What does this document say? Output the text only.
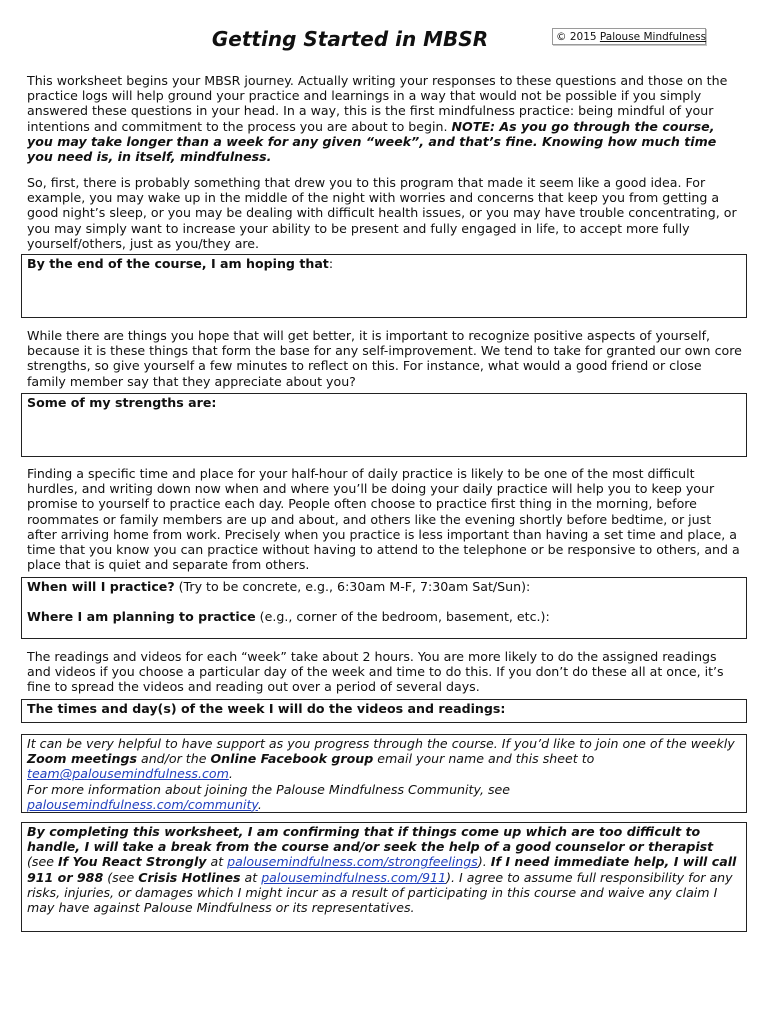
Getting Started in MBSR	© 2015 Palouse Mindfulness

This worksheet begins your MBSR journey. Actually writing your responses to these questions and those on the practice logs will help ground your practice and learnings in a way that would not be possible if you simply answered these questions in your head. In a way, this is the first mindfulness practice: being mindful of your intentions and commitment to the process you are about to begin. NOTE: As you go through the course, you may take longer than a week for any given “week”, and that’s fine. Knowing how much time you need is, in itself, mindfulness.

So, first, there is probably something that drew you to this program that made it seem like a good idea. For example, you may wake up in the middle of the night with worries and concerns that keep you from getting a good night’s sleep, or you may be dealing with difficult health issues, or you may have trouble concentrating, or you may simply want to increase your ability to be present and fully engaged in life, to accept more fully yourself/others, just as you/they are.

By the end of the course, I am hoping that:

While there are things you hope that will get better, it is important to recognize positive aspects of yourself, because it is these things that form the base for any self-improvement. We tend to take for granted our own core strengths, so give yourself a few minutes to reflect on this. For instance, what would a good friend or close family member say that they appreciate about you?

Some of my strengths are:

Finding a specific time and place for your half-hour of daily practice is likely to be one of the most difficult hurdles, and writing down now when and where you’ll be doing your daily practice will help you to keep your promise to yourself to practice each day. People often choose to practice first thing in the morning, before roommates or family members are up and about, and others like the evening shortly before bedtime, or just after arriving home from work. Precisely when you practice is less important than having a set time and place, a time that you know you can practice without having to attend to the telephone or be responsive to others, and a place that is quiet and separate from others.

When will I practice? (Try to be concrete, e.g., 6:30am M-F, 7:30am Sat/Sun):
Where I am planning to practice (e.g., corner of the bedroom, basement, etc.):

The readings and videos for each “week” take about 2 hours. You are more likely to do the assigned readings and videos if you choose a particular day of the week and time to do this. If you don’t do these all at once, it’s fine to spread the videos and reading out over a period of several days.

The times and day(s) of the week I will do the videos and readings:
It can be very helpful to have support as you progress through the course. If you’d like to join one of the weekly Zoom meetings and/or the Online Facebook group email your name and this sheet to team@palousemindfulness.com.
For more information about joining the Palouse Mindfulness Community, see palousemindfulness.com/community.
By completing this worksheet, I am confirming that if things come up which are too difficult to handle, I will take a break from the course and/or seek the help of a good counselor or therapist (see If You React Strongly at palousemindfulness.com/strongfeelings). If I need immediate help, I will call 911 or 988 (see Crisis Hotlines at palousemindfulness.com/911). I agree to assume full responsibility for any risks, injuries, or damages which I might incur as a result of participating in this course and waive any claim I may have against Palouse Mindfulness or its representatives.
